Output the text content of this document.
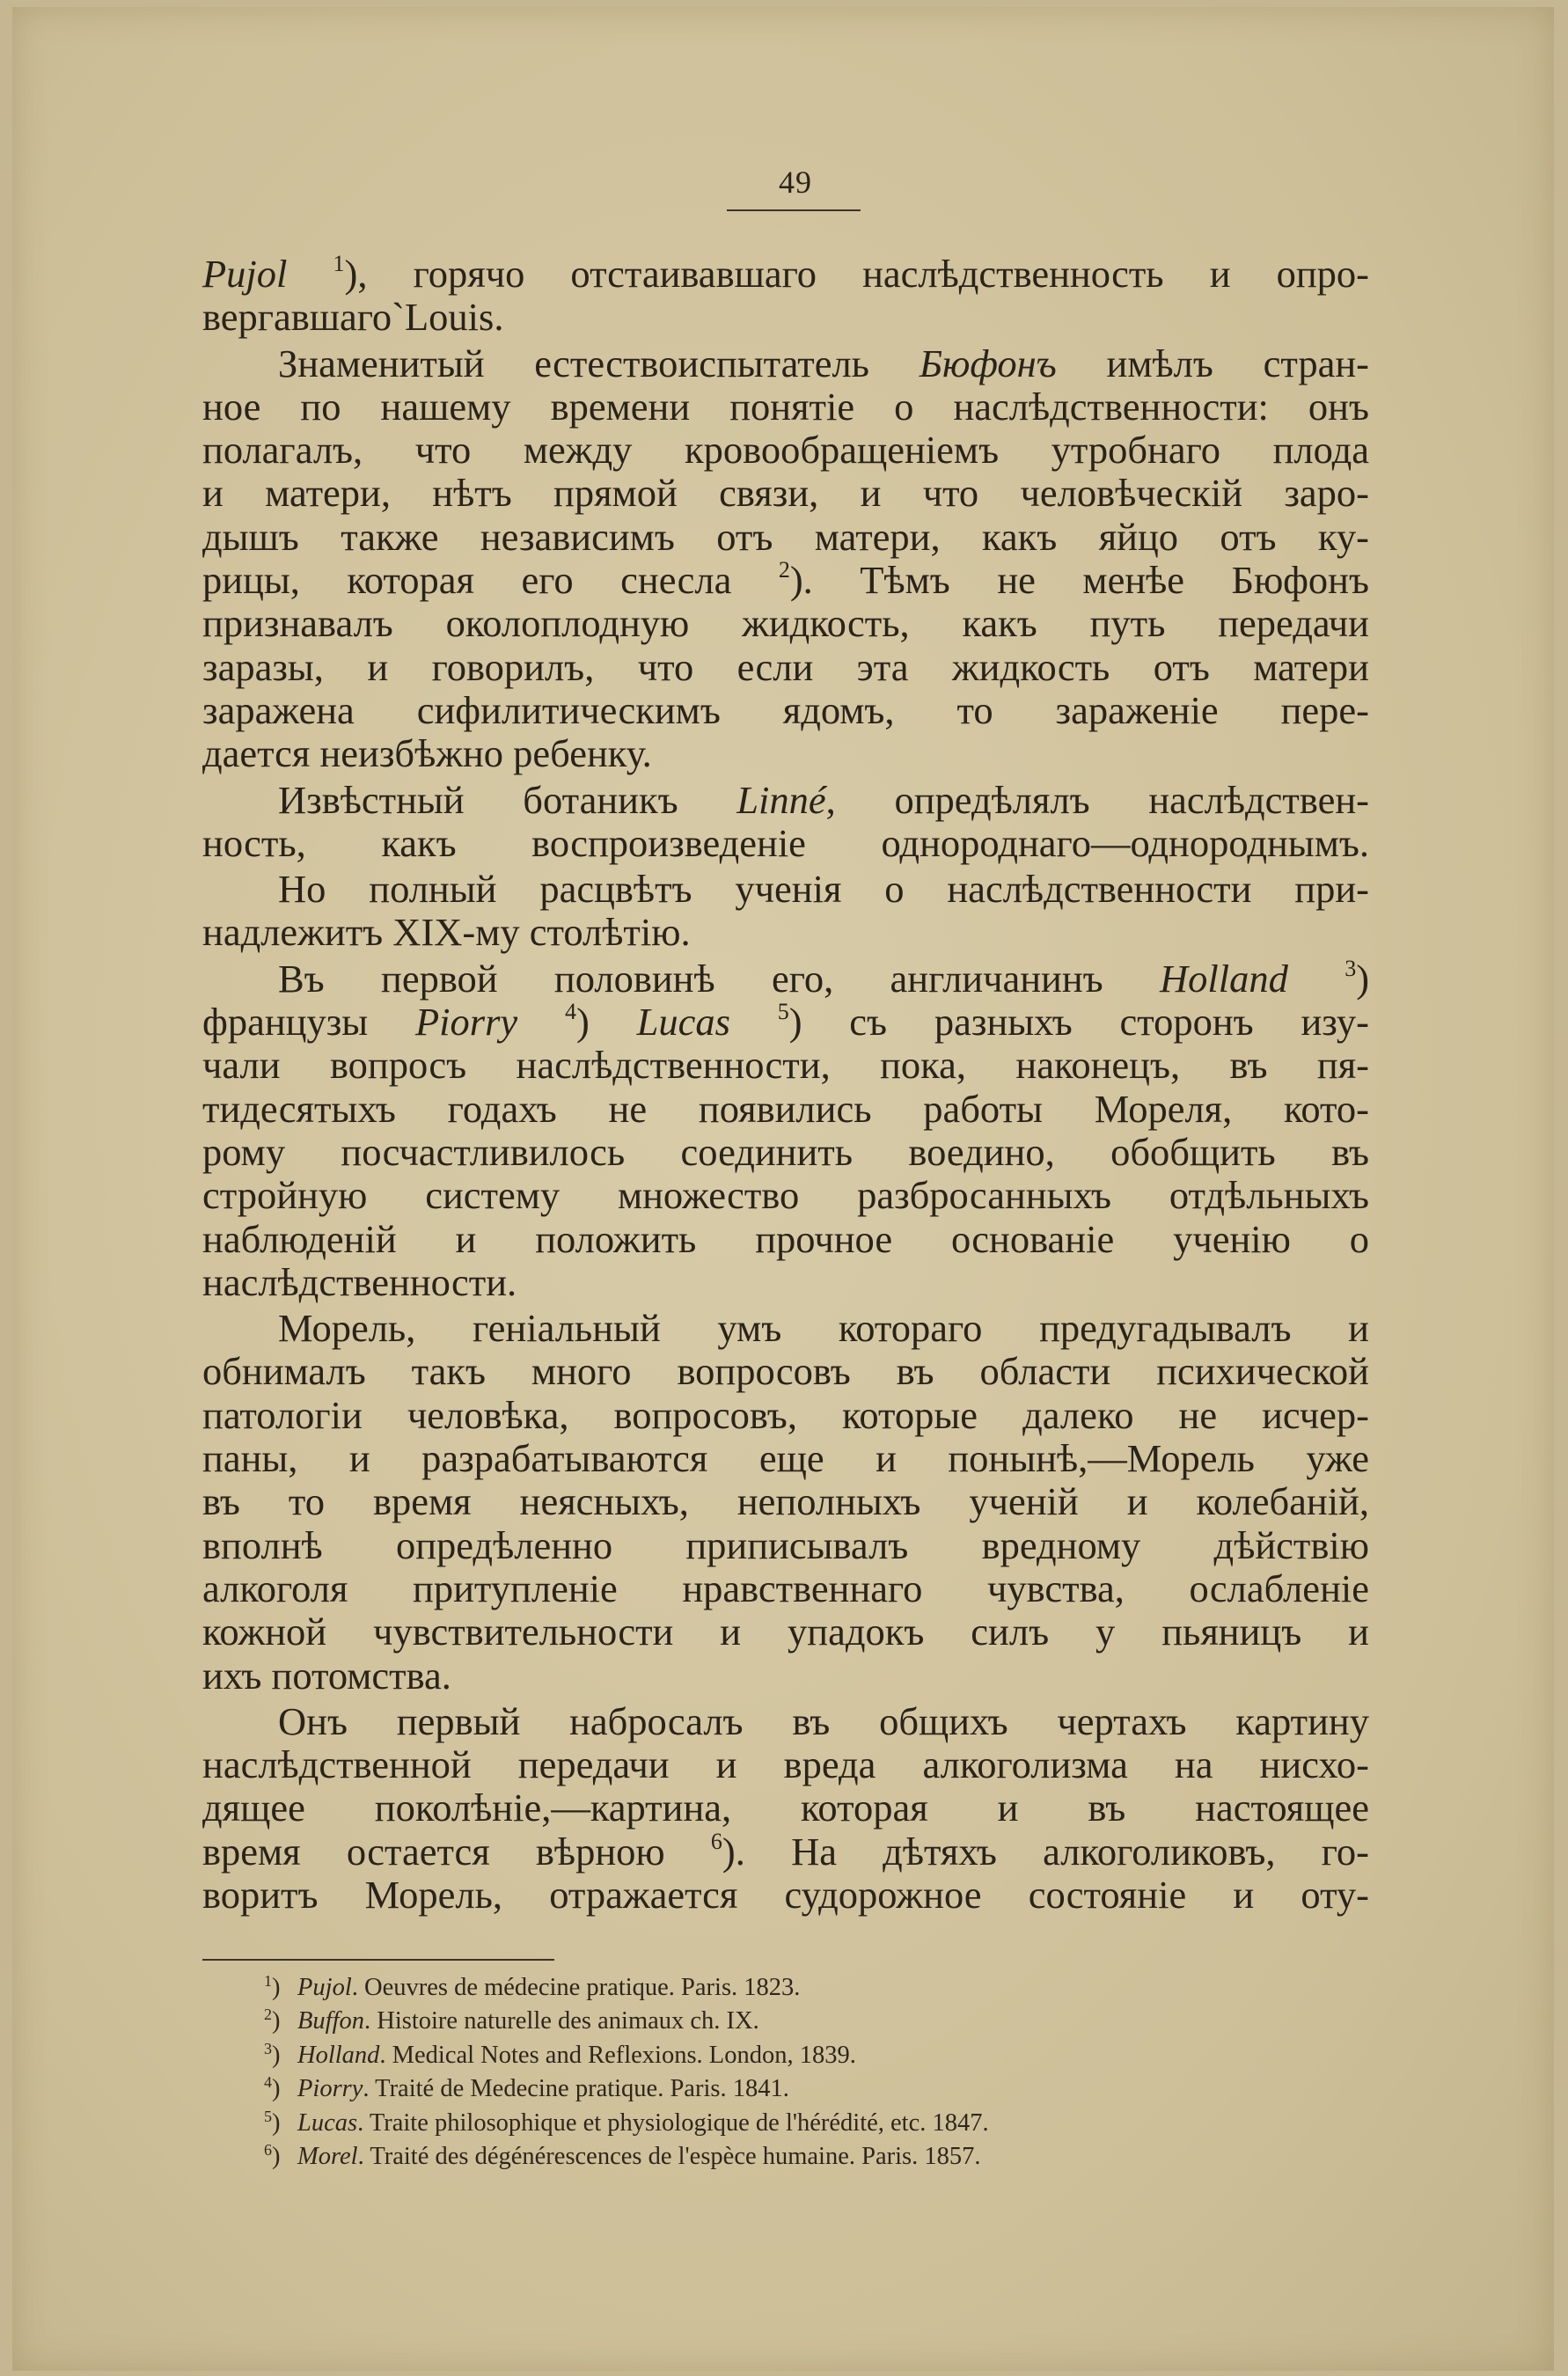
49
Pujol $^1$), горячо отстаивавшаго наслѣдственность и опро-
вергавшаго`Louis.
Знаменитый естествоиспытатель Бюфонъ имѣлъ стран-
ное по нашему времени понятіе о наслѣдственности: онъ
полагалъ, что между кровообращеніемъ утробнаго плода
и матери, нѣтъ прямой связи, и что человѣческій заро-
дышъ также независимъ отъ матери, какъ яйцо отъ ку-
рицы, которая его снесла $^2$). Тѣмъ не менѣе Бюфонъ
признавалъ околоплодную жидкость, какъ путь передачи
заразы, и говорилъ, что если эта жидкость отъ матери
заражена сифилитическимъ ядомъ, то зараженіе пере-
дается неизбѣжно ребенку.
Извѣстный ботаникъ Linné, опредѣлялъ наслѣдствен-
ность, какъ воспроизведеніе однороднаго—однороднымъ.
Но полный расцвѣтъ ученія о наслѣдственности при-
надлежитъ XIX-му столѣтію.
Въ первой половинѣ его, англичанинъ Holland $^3$)
французы Piorry $^4$) Lucas $^5$) съ разныхъ сторонъ изу-
чали вопросъ наслѣдственности, пока, наконецъ, въ пя-
тидесятыхъ годахъ не появились работы Мореля, кото-
рому посчастливилось соединить воедино, обобщить въ
стройную систему множество разбросанныхъ отдѣльныхъ
наблюденій и положить прочное основаніе ученію о
наслѣдственности.
Морель, геніальный умъ котораго предугадывалъ и
обнималъ такъ много вопросовъ въ области психической
патологіи человѣка, вопросовъ, которые далеко не исчер-
паны, и разрабатываются еще и понынѣ,—Морель уже
въ то время неясныхъ, неполныхъ ученій и колебаній,
вполнѣ опредѣленно приписывалъ вредному дѣйствію
алкоголя притупленіе нравственнаго чувства, ослабленіе
кожной чувствительности и упадокъ силъ у пьяницъ и
ихъ потомства.
Онъ первый набросалъ въ общихъ чертахъ картину
наслѣдственной передачи и вреда алкоголизма на нисхо-
дящее поколѣніе,—картина, которая и въ настоящее
время остается вѣрною $^6$). На дѣтяхъ алкоголиковъ, го-
воритъ Морель, отражается судорожное состояніе и оту-
$^1$) Pujol. Oeuvres de médecine pratique. Paris. 1823.
$^2$) Buffon. Histoire naturelle des animaux ch. IX.
$^3$) Holland. Medical Notes and Reflexions. London, 1839.
$^4$) Piorry. Traité de Medecine pratique. Paris. 1841.
$^5$) Lucas. Traite philosophique et physiologique de l'hérédité, etc. 1847.
$^6$) Morel. Traité des dégénérescences de l'espèce humaine. Paris. 1857.
